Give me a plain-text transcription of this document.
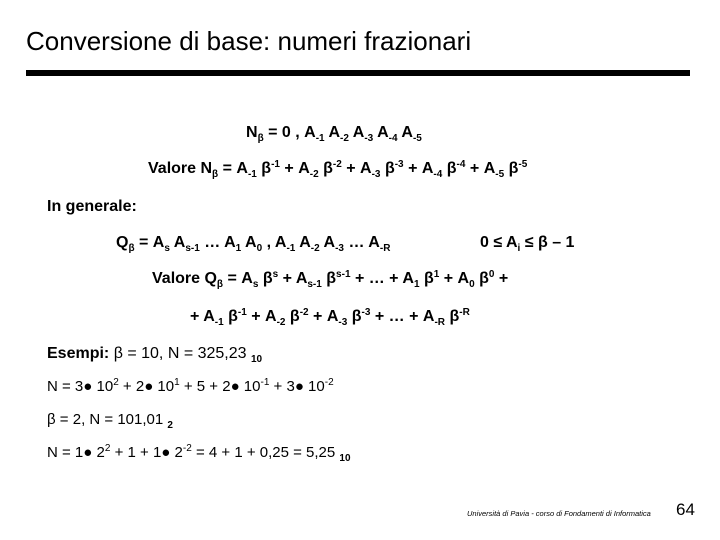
Conversione di base: numeri frazionari
$N_\beta = 0$ , $A_{-1}$ $A_{-2}$ $A_{-3}$ $A_{-4}$ $A_{-5}$
Valore $N_\beta = A_{-1}$ $\beta^{-1} + A_{-2}$ $\beta^{-2} + A_{-3}$ $\beta^{-3} + A_{-4}$ $\beta^{-4} + A_{-5}$ $\beta^{-5}$
In generale:
$Q_\beta = A_s$ $A_{s-1}$ … $A_1$ $A_0$ , $A_{-1}$ $A_{-2}$ $A_{-3}$ … $A_{-R}$	$0 \le A_i \le \beta - 1$
Valore $Q_\beta = A_s$ $\beta^s + A_{s-1}$ $\beta^{s-1}$ + … + $A_1$ $\beta^1 + A_0$ $\beta^0$ +
+ $A_{-1}$ $\beta^{-1} + A_{-2}$ $\beta^{-2} + A_{-3}$ $\beta^{-3}$ + … + $A_{-R}$ $\beta^{-R}$
Esempi: β = 10, N = 325,23 $_{10}$
N = 3● $10^2$ + 2● $10^1 + 5$ + 2● $10^{-1}$ + 3● $10^{-2}$
β = 2, N = 101,01 $_2$
N = 1● $2^2 + 1$ + 1● $2^{-2} = 4 + 1 + 0,25 = 5,25$ $_{10}$
Università di Pavia - corso di Fondamenti di Informatica 64
